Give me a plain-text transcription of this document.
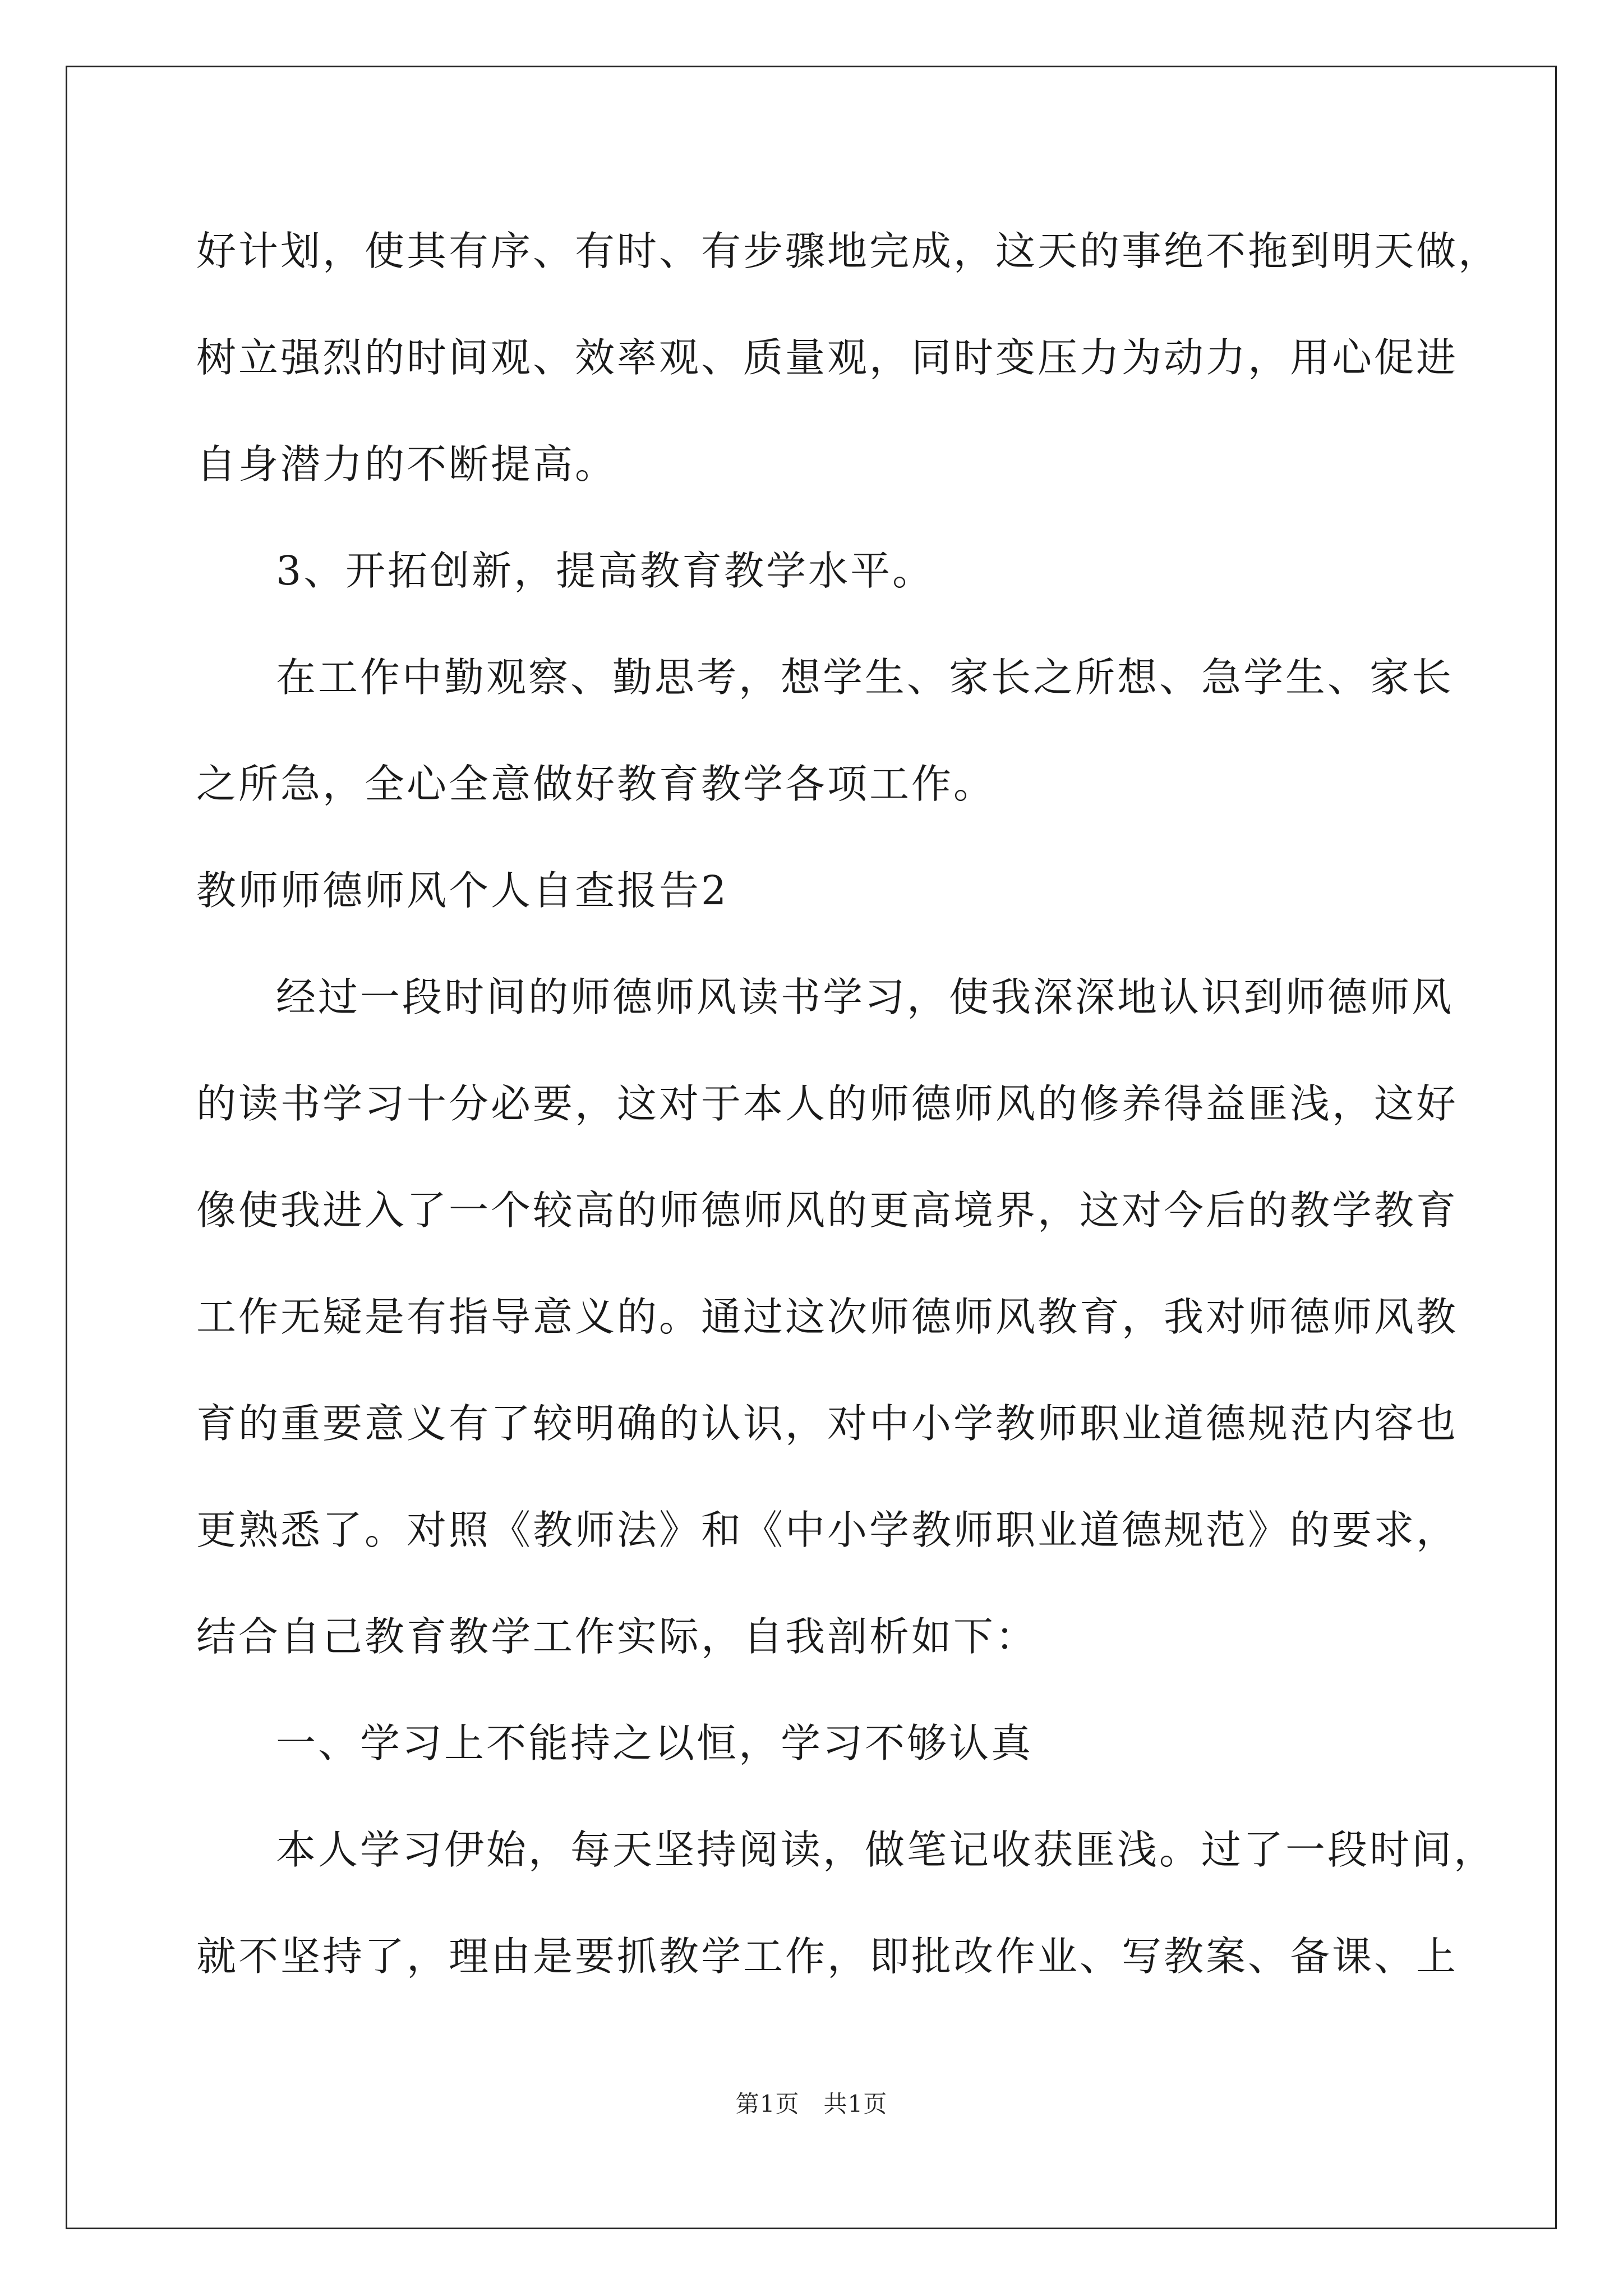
好计划，使其有序、有时、有步骤地完成，这天的事绝不拖到明天做，
树立强烈的时间观、效率观、质量观，同时变压力为动力，用心促进
自身潜力的不断提高。
3、开拓创新，提高教育教学水平。
在工作中勤观察、勤思考，想学生、家长之所想、急学生、家长
之所急，全心全意做好教育教学各项工作。
教师师德师风个人自查报告2
经过一段时间的师德师风读书学习，使我深深地认识到师德师风
的读书学习十分必要，这对于本人的师德师风的修养得益匪浅，这好
像使我进入了一个较高的师德师风的更高境界，这对今后的教学教育
工作无疑是有指导意义的。通过这次师德师风教育，我对师德师风教
育的重要意义有了较明确的认识，对中小学教师职业道德规范内容也
更熟悉了。对照《教师法》和《中小学教师职业道德规范》的要求，
结合自己教育教学工作实际，自我剖析如下：
一、学习上不能持之以恒，学习不够认真
本人学习伊始，每天坚持阅读，做笔记收获匪浅。过了一段时间，
就不坚持了，理由是要抓教学工作，即批改作业、写教案、备课、上
第1页　共1页
